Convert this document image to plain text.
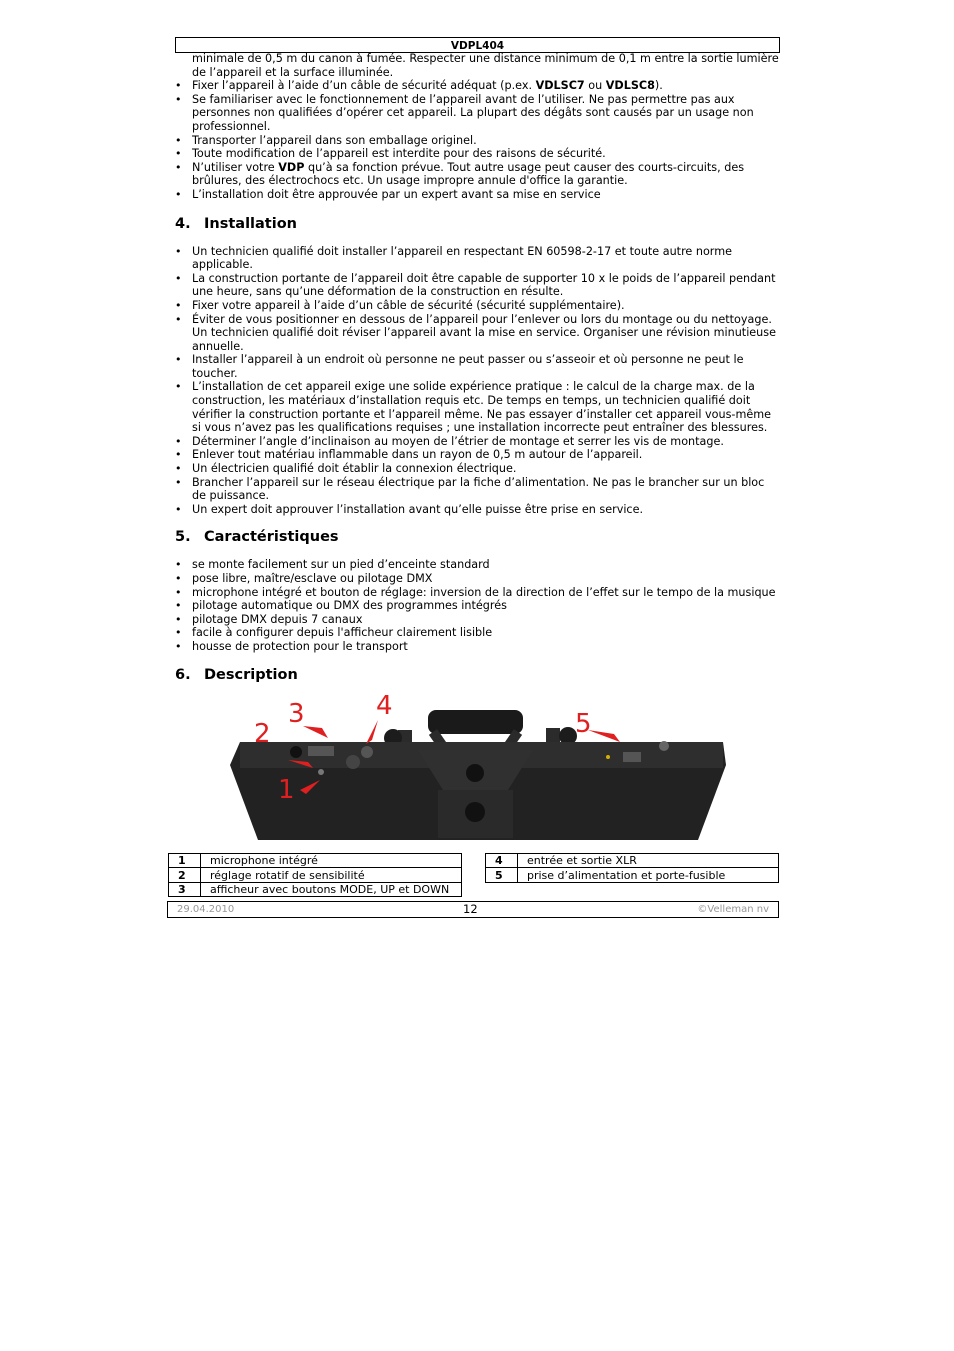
VDPL404
minimale de 0,5 m du canon à fumée. Respecter une distance minimum de 0,1 m entre la sortie lumière de l’appareil et la surface illuminée.
• Fixer l’appareil à l’aide d’un câble de sécurité adéquat (p.ex. VDLSC7 ou VDLSC8).
• Se familiariser avec le fonctionnement de l’appareil avant de l’utiliser. Ne pas permettre pas aux personnes non qualifiées d’opérer cet appareil. La plupart des dégâts sont causés par un usage non professionnel.
• Transporter l’appareil dans son emballage originel.
• Toute modification de l’appareil est interdite pour des raisons de sécurité.
• N’utiliser votre VDP qu’à sa fonction prévue. Tout autre usage peut causer des courts-circuits, des brûlures, des électrochocs etc. Un usage impropre annule d'office la garantie.
• L’installation doit être approuvée par un expert avant sa mise en service
4. Installation
• Un technicien qualifié doit installer l’appareil en respectant EN 60598-2-17 et toute autre norme applicable.
• La construction portante de l’appareil doit être capable de supporter 10 x le poids de l’appareil pendant une heure, sans qu’une déformation de la construction en résulte.
• Fixer votre appareil à l’aide d’un câble de sécurité (sécurité supplémentaire).
• Éviter de vous positionner en dessous de l’appareil pour l’enlever ou lors du montage ou du nettoyage. Un technicien qualifié doit réviser l’appareil avant la mise en service. Organiser une révision minutieuse annuelle.
• Installer l’appareil à un endroit où personne ne peut passer ou s’asseoir et où personne ne peut le toucher.
• L’installation de cet appareil exige une solide expérience pratique : le calcul de la charge max. de la construction, les matériaux d’installation requis etc. De temps en temps, un technicien qualifié doit vérifier la construction portante et l’appareil même. Ne pas essayer d’installer cet appareil vous-même si vous n’avez pas les qualifications requises ; une installation incorrecte peut entraîner des blessures.
• Déterminer l’angle d’inclinaison au moyen de l’étrier de montage et serrer les vis de montage.
• Enlever tout matériau inflammable dans un rayon de 0,5 m autour de l’appareil.
• Un électricien qualifié doit établir la connexion électrique.
• Brancher l’appareil sur le réseau électrique par la fiche d’alimentation. Ne pas le brancher sur un bloc de puissance.
• Un expert doit approuver l’installation avant qu’elle puisse être prise en service.
5. Caractéristiques
• se monte facilement sur un pied d’enceinte standard
• pose libre, maître/esclave ou pilotage DMX
• microphone intégré et bouton de réglage: inversion de la direction de l’effet sur le tempo de la musique
• pilotage automatique ou DMX des programmes intégrés
• pilotage DMX depuis 7 canaux
• facile à configurer depuis l'afficheur clairement lisible
• housse de protection pour le transport
6. Description
1
2
3	4
5
1	microphone intégré
2	réglage rotatif de sensibilité
3	afficheur avec boutons MODE, UP et DOWN
4	entrée et sortie XLR
5	prise d’alimentation et porte-fusible
29.04.2010	12	©Velleman nv
